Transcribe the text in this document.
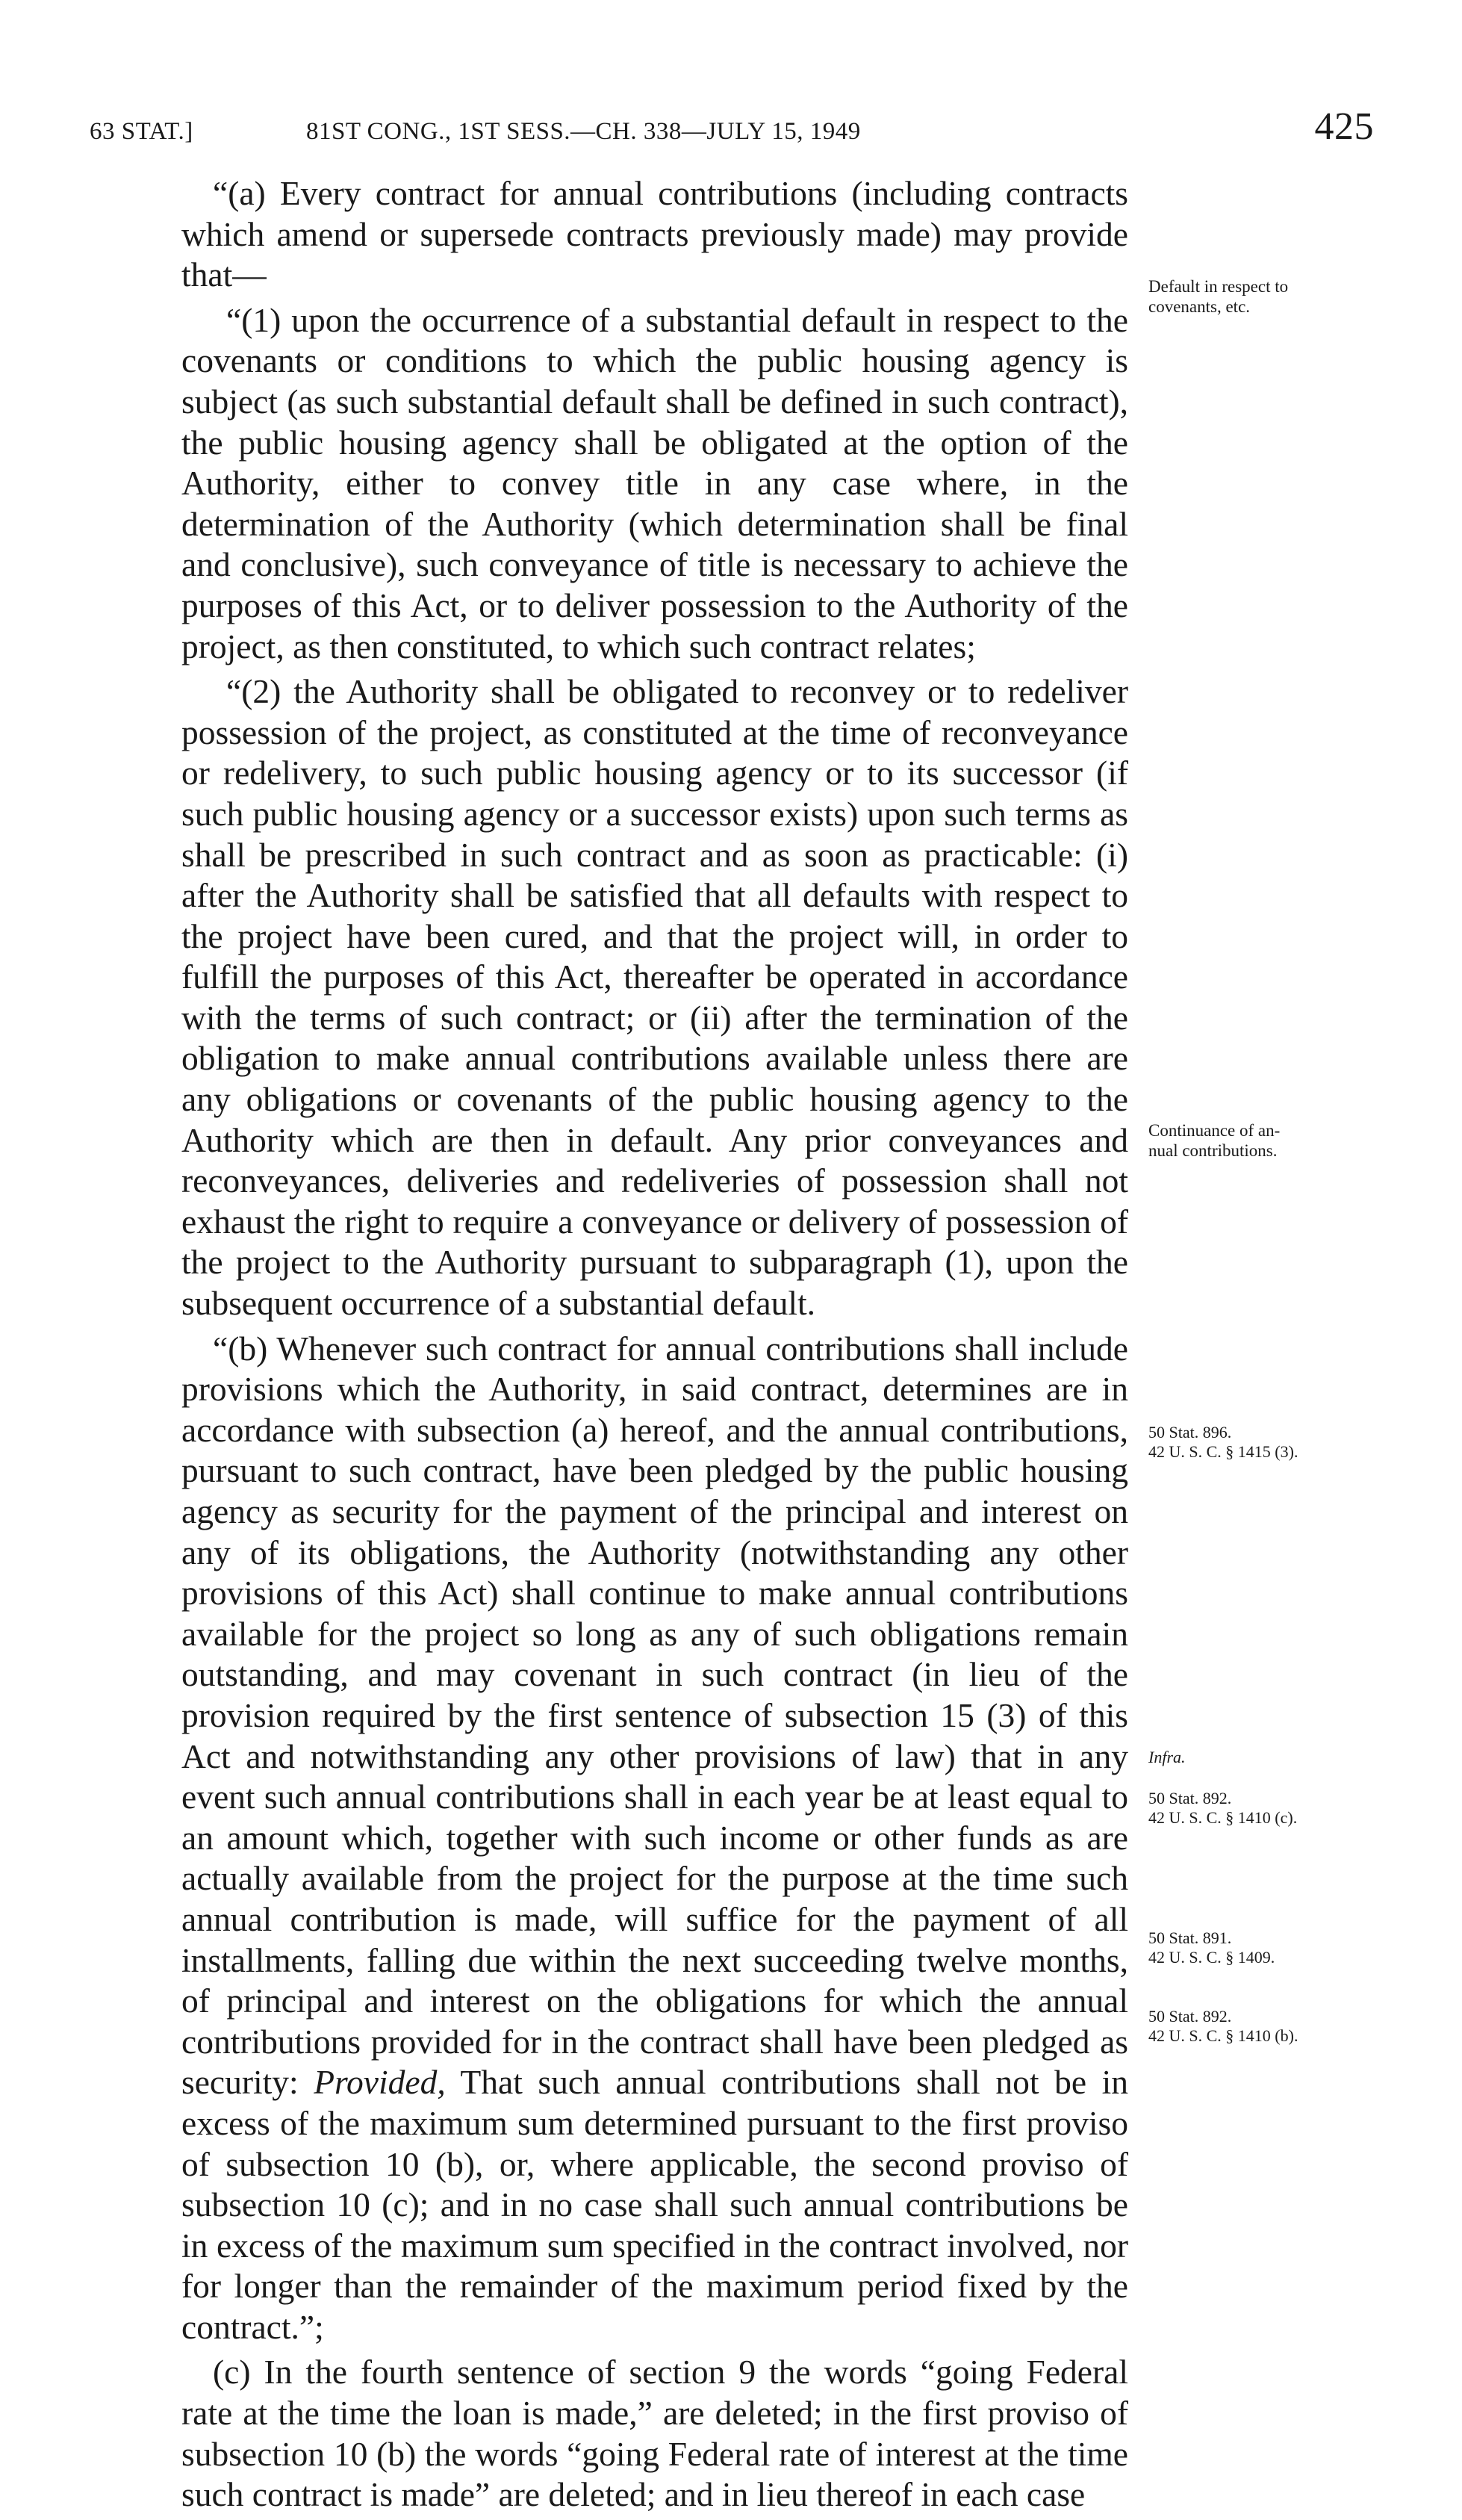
63 STAT.]	81ST CONG., 1ST SESS.—CH. 338—JULY 15, 1949	425

“(a) Every contract for annual contributions (including contracts which amend or supersede contracts previously made) may provide that—

“(1) upon the occurrence of a substantial default in respect to the covenants or conditions to which the public housing agency is subject (as such substantial default shall be defined in such contract), the public housing agency shall be obligated at the option of the Authority, either to convey title in any case where, in the determination of the Authority (which determination shall be final and conclusive), such conveyance of title is necessary to achieve the purposes of this Act, or to deliver possession to the Authority of the project, as then constituted, to which such contract relates;

“(2) the Authority shall be obligated to reconvey or to redeliver possession of the project, as constituted at the time of reconveyance or redelivery, to such public housing agency or to its successor (if such public housing agency or a successor exists) upon such terms as shall be prescribed in such contract and as soon as practicable: (i) after the Authority shall be satisfied that all defaults with respect to the project have been cured, and that the project will, in order to fulfill the purposes of this Act, thereafter be operated in accordance with the terms of such contract; or (ii) after the termination of the obligation to make annual contributions available unless there are any obligations or covenants of the public housing agency to the Authority which are then in default. Any prior conveyances and reconveyances, deliveries and redeliveries of possession shall not exhaust the right to require a conveyance or delivery of possession of the project to the Authority pursuant to subparagraph (1), upon the subsequent occurrence of a substantial default.

“(b) Whenever such contract for annual contributions shall include provisions which the Authority, in said contract, determines are in accordance with subsection (a) hereof, and the annual contributions, pursuant to such contract, have been pledged by the public housing agency as security for the payment of the principal and interest on any of its obligations, the Authority (notwithstanding any other provisions of this Act) shall continue to make annual contributions available for the project so long as any of such obligations remain outstanding, and may covenant in such contract (in lieu of the provision required by the first sentence of subsection 15 (3) of this Act and notwithstanding any other provisions of law) that in any event such annual contributions shall in each year be at least equal to an amount which, together with such income or other funds as are actually available from the project for the purpose at the time such annual contribution is made, will suffice for the payment of all installments, falling due within the next succeeding twelve months, of principal and interest on the obligations for which the annual contributions provided for in the contract shall have been pledged as security: Provided, That such annual contributions shall not be in excess of the maximum sum determined pursuant to the first proviso of subsection 10 (b), or, where applicable, the second proviso of subsection 10 (c); and in no case shall such annual contributions be in excess of the maximum sum specified in the contract involved, nor for longer than the remainder of the maximum period fixed by the contract.”;

(c) In the fourth sentence of section 9 the words “going Federal rate at the time the loan is made,” are deleted; in the first proviso of subsection 10 (b) the words “going Federal rate of interest at the time such contract is made” are deleted; and in lieu thereof in each case

Default in respect to
covenants, etc.
Continuance of an-
nual contributions.
50 Stat. 896.
42 U. S. C. § 1415 (3).
Infra.
50 Stat. 892.
42 U. S. C. § 1410 (c).
50 Stat. 891.
42 U. S. C. § 1409.
50 Stat. 892.
42 U. S. C. § 1410 (b).
